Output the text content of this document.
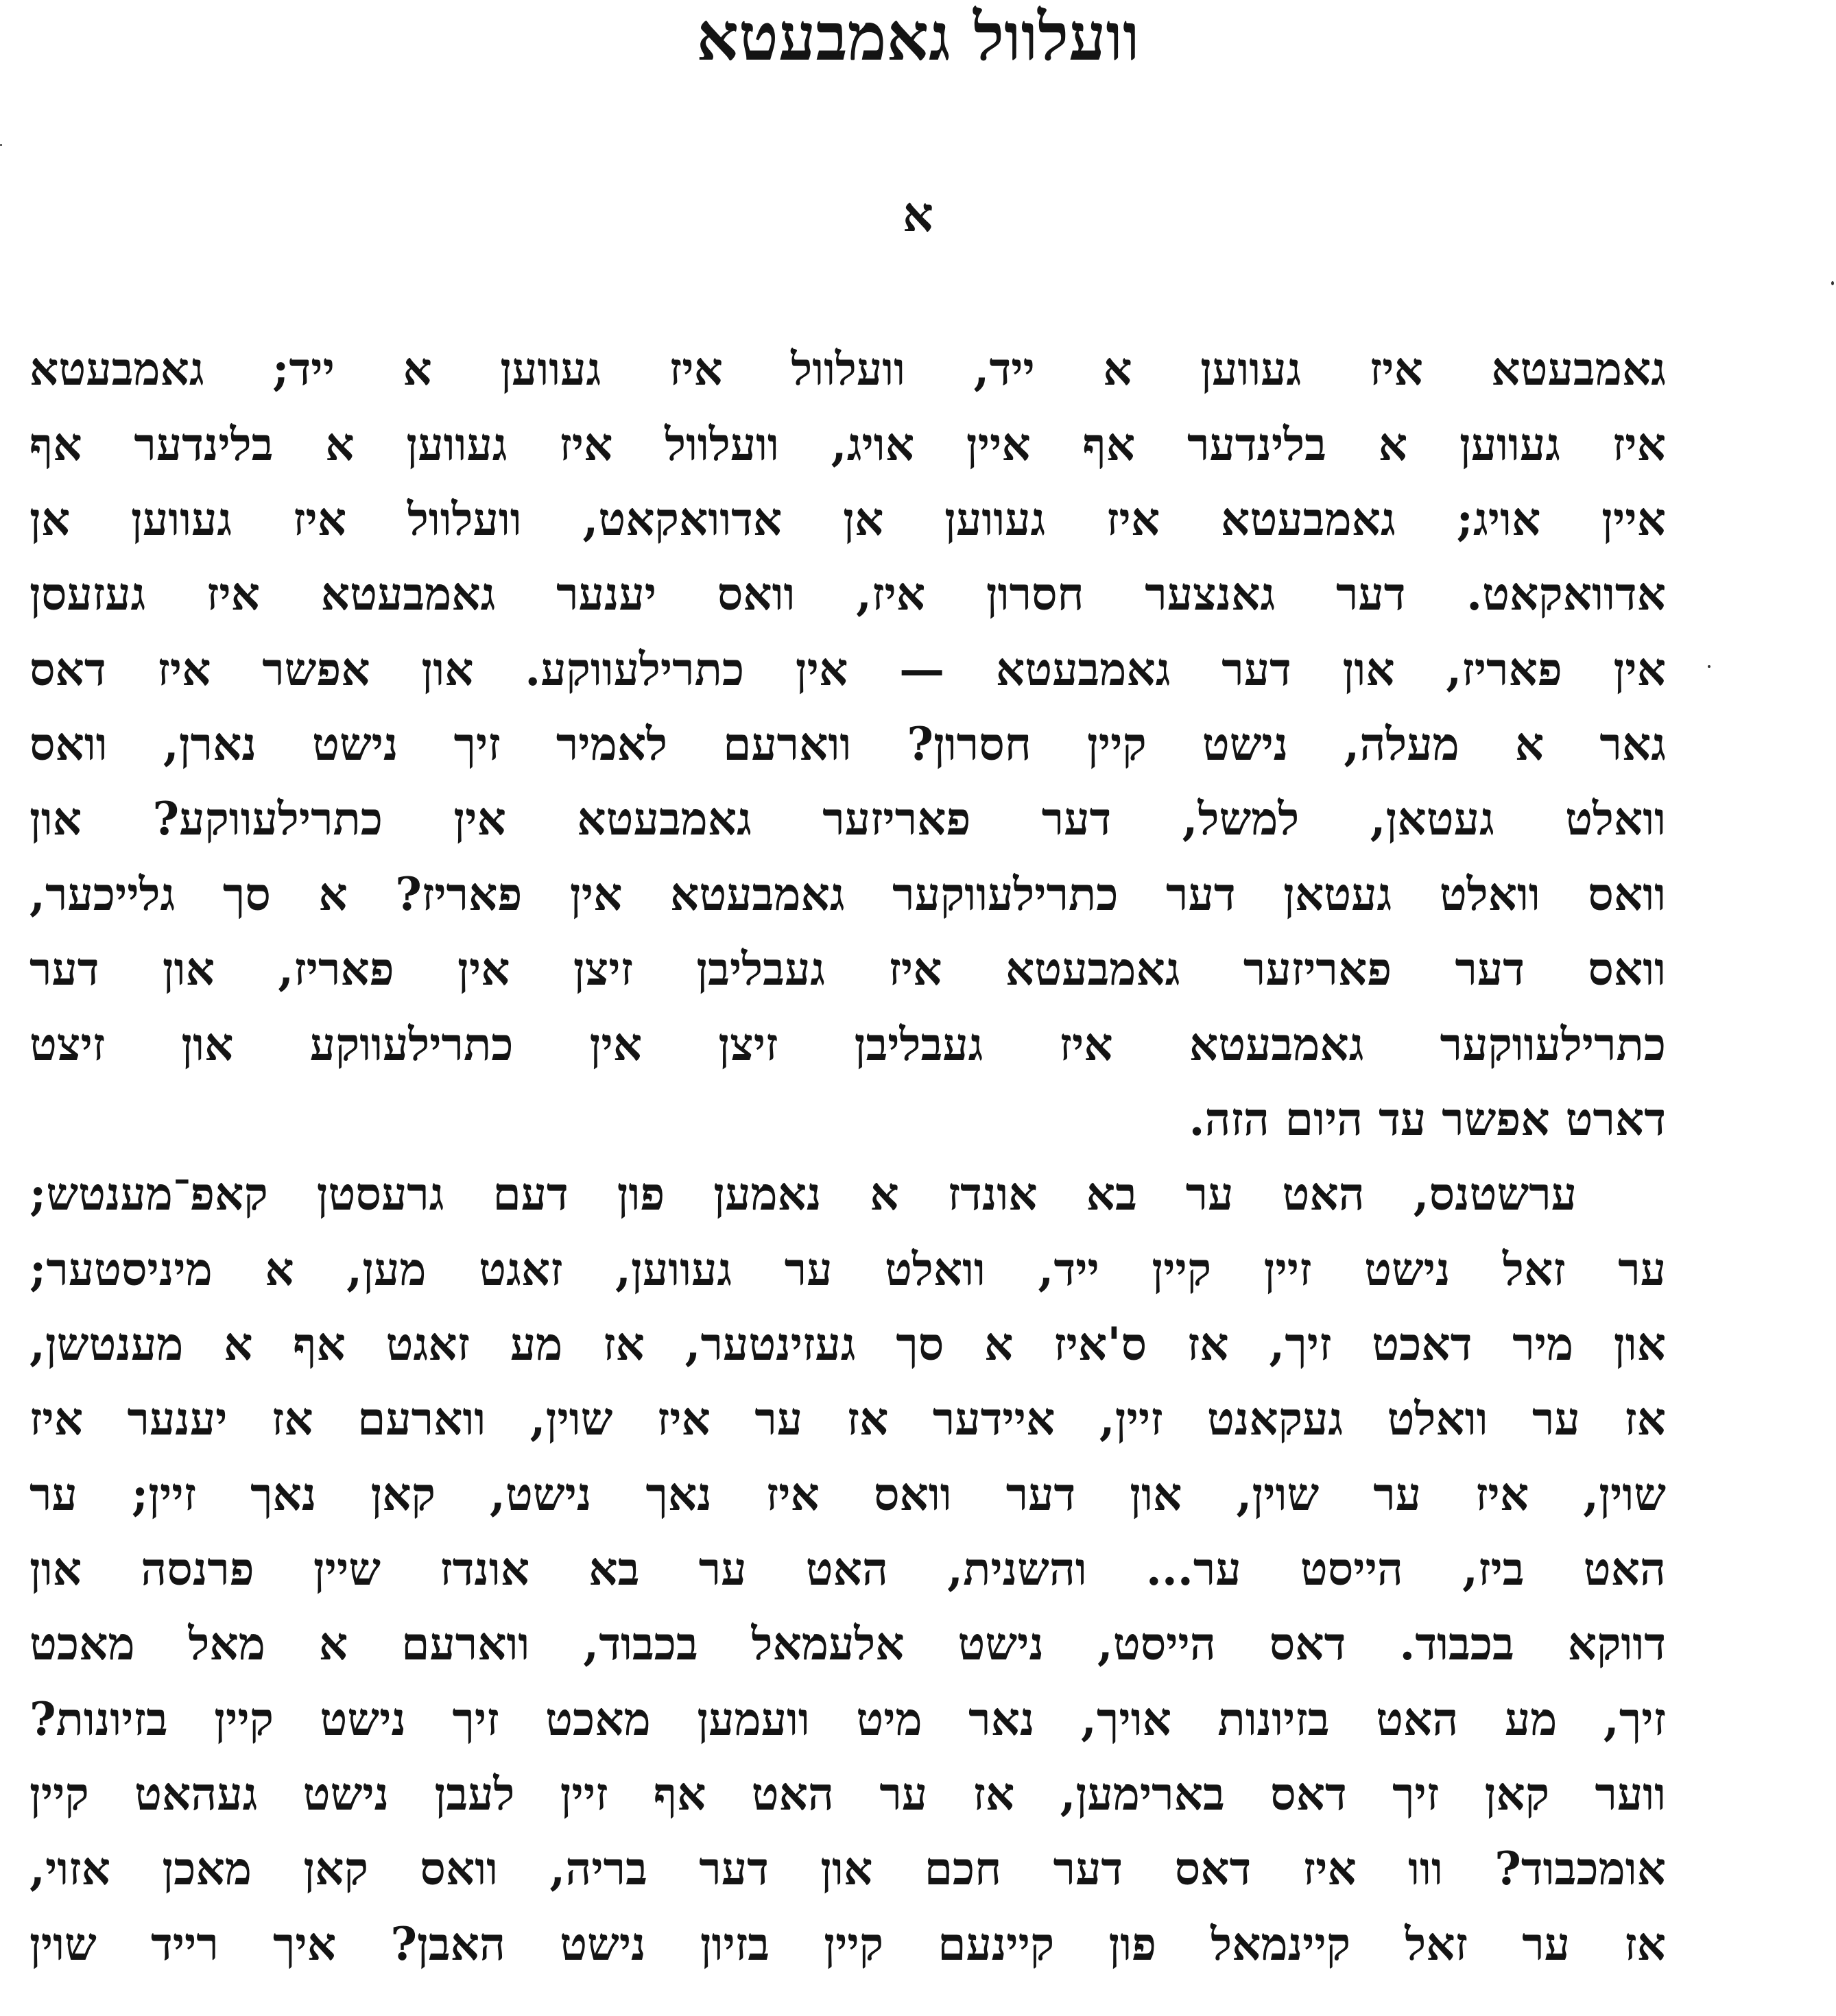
וועלוול גאמבעטא
א
גאמבעטא איז געווען א ייד, וועלוול איז געווען א ייד; גאמבעטא
איז געווען א בלינדער אף איין אויג, וועלוול איז געווען א בלינדער אף
איין אויג; גאמבעטא איז געווען אן אדוואקאט, וועלוול איז געווען אן
אדוואקאט. דער גאנצער חסרון איז, וואס יענער גאמבעטא איז געזעסן
אין פאריז, און דער גאמבעטא — אין כתרילעווקע. און אפשר איז דאס
גאר א מעלה, נישט קיין חסרון? ווארעם לאמיר זיך נישט נארן, וואס
וואלט געטאן, למשל, דער פאריזער גאמבעטא אין כתרילעווקע? און
וואס וואלט געטאן דער כתרילעווקער גאמבעטא אין פאריז? א סך גלייכער,
וואס דער פאריזער גאמבעטא איז געבליבן זיצן אין פאריז, און דער
כתרילעווקער גאמבעטא איז געבליבן זיצן אין כתרילעווקע און זיצט
דארט אפשר עד היום הזה.
ערשטנס, האט ער בא אונדז א נאמען פון דעם גרעסטן קאפ־מענטש;
ער זאל נישט זיין קיין ייד, וואלט ער געווען, זאגט מען, א מיניסטער;
און מיר דאכט זיך, אז ס'איז א סך געזינטער, אז מע זאגט אף א מענטשן,
אז ער וואלט געקאנט זיין, איידער אז ער איז שוין, ווארעם אז יענער איז
שוין, איז ער שוין, און דער וואס איז נאך נישט, קאן נאך זיין; ער
האט ביז, הייסט ער... והשנית, האט ער בא אונדז שיין פרנסה און
דווקא בכבוד. דאס הייסט, נישט אלעמאל בכבוד, ווארעם א מאל מאכט
זיך, מע האט בזיונות אויך, נאר מיט וועמען מאכט זיך נישט קיין בזיונות?
ווער קאן זיך דאס בארימען, אז ער האט אף זיין לעבן נישט געהאט קיין
אומכבוד? ווו איז דאס דער חכם און דער בריה, וואס קאן מאכן אזוי,
אז ער זאל קיינמאל פון קיינעם קיין בזיון נישט האבן? איך רייד שוין
